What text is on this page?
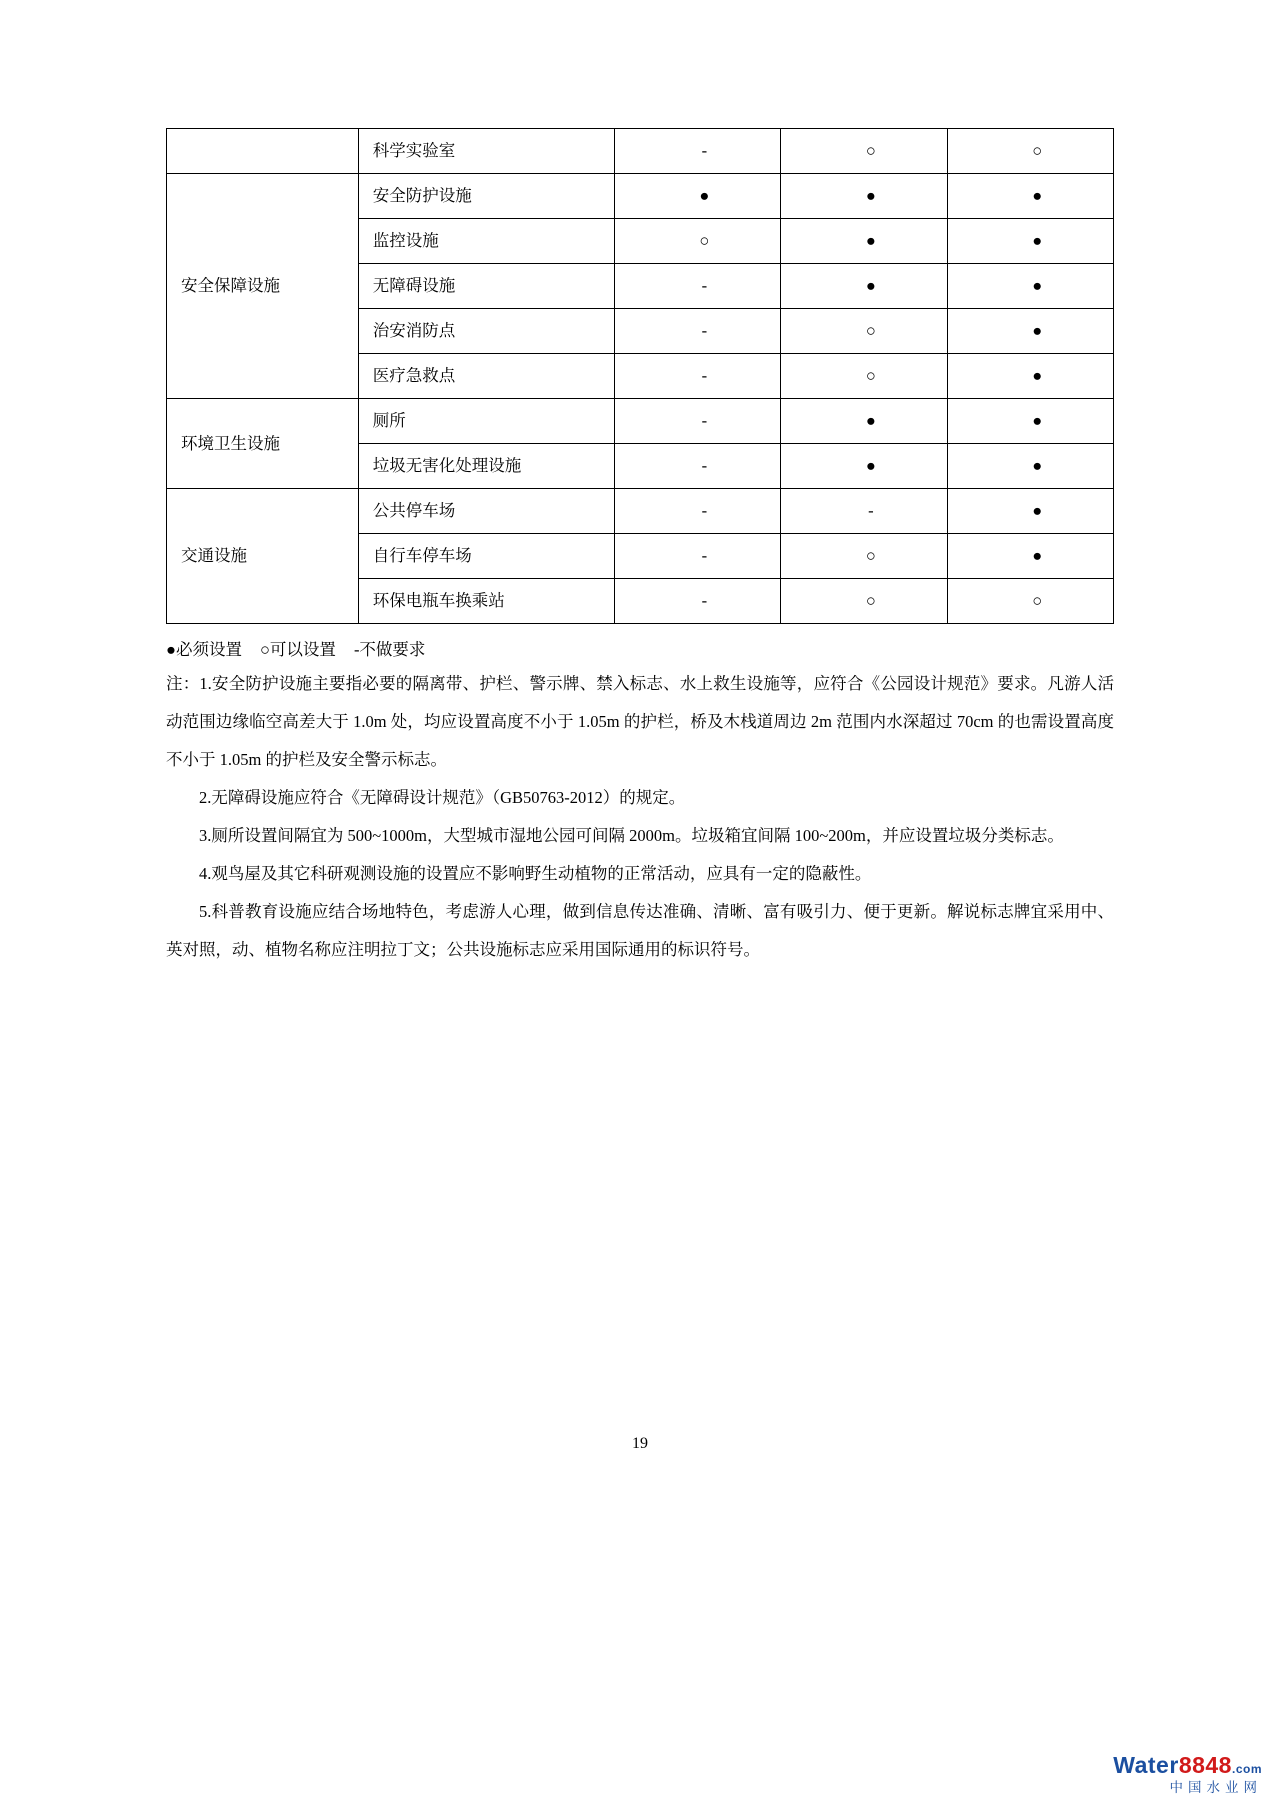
	科学实验室	-	○	○
安全保障设施	安全防护设施	●	●	●
	监控设施	○	●	●
	无障碍设施	-	●	●
	治安消防点	-	○	●
	医疗急救点	-	○	●
环境卫生设施	厕所	-	●	●
	垃圾无害化处理设施	-	●	●
交通设施	公共停车场	-	-	●
	自行车停车场	-	○	●
	环保电瓶车换乘站	-	○	○
●必须设置 ○可以设置 -不做要求

注：1.安全防护设施主要指必要的隔离带、护栏、警示牌、禁入标志、水上救生设施等，应符合《公园设计规范》要求。凡游人活动范围边缘临空高差大于 1.0m 处，均应设置高度不小于 1.05m 的护栏，桥及木栈道周边 2m 范围内水深超过 70cm 的也需设置高度不小于 1.05m 的护栏及安全警示标志。

2.无障碍设施应符合《无障碍设计规范》（GB50763-2012）的规定。

3.厕所设置间隔宜为 500~1000m，大型城市湿地公园可间隔 2000m。垃圾箱宜间隔 100~200m，并应设置垃圾分类标志。

4.观鸟屋及其它科研观测设施的设置应不影响野生动植物的正常活动，应具有一定的隐蔽性。

5.科普教育设施应结合场地特色，考虑游人心理，做到信息传达准确、清晰、富有吸引力、便于更新。解说标志牌宜采用中、英对照，动、植物名称应注明拉丁文；公共设施标志应采用国际通用的标识符号。

19
Water8848.com
中国水业网
